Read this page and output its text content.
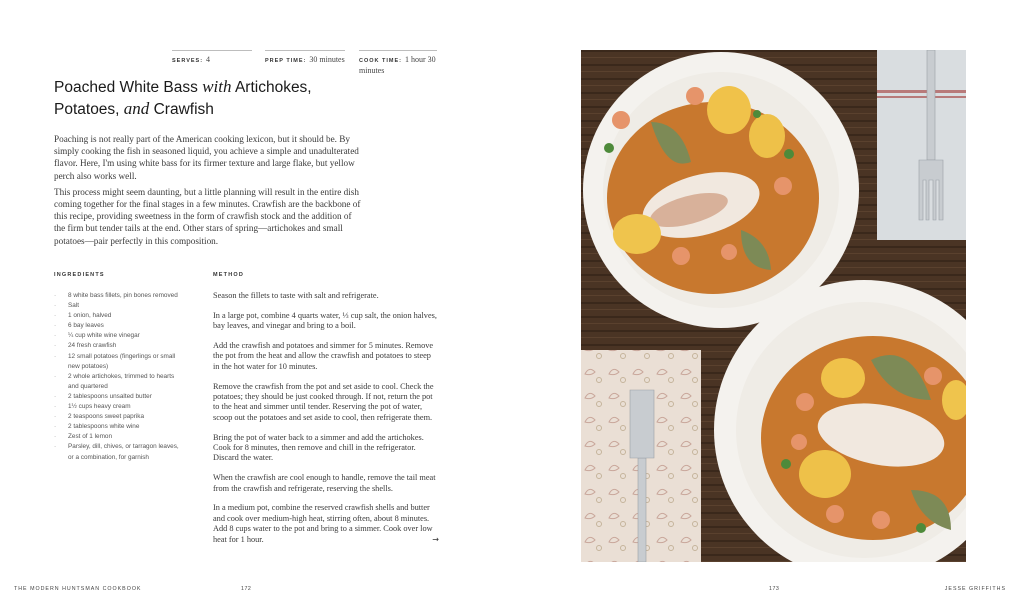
SERVES: 4	PREP TIME: 30 minutes	COOK TIME: 1 hour 30 minutes
Poached White Bass with Artichokes, Potatoes, and Crawfish

Poaching is not really part of the American cooking lexicon, but it should be. By simply cooking the fish in seasoned liquid, you achieve a simple and unadulterated flavor. Here, I'm using white bass for its firmer texture and large flake, but yellow perch also works well.

This process might seem daunting, but a little planning will result in the entire dish coming together for the final stages in a few minutes. Crawfish are the backbone of this recipe, providing sweetness in the form of crawfish stock and the addition of the firm but tender tails at the end. Other stars of spring—artichokes and small potatoes—pair perfectly in this composition.

INGREDIENTS	METHOD
· 8 white bass fillets, pin bones removed
· Salt
· 1 onion, halved
· 6 bay leaves
· ¼ cup white wine vinegar
· 24 fresh crawfish
· 12 small potatoes (fingerlings or small new potatoes)
· 2 whole artichokes, trimmed to hearts and quartered
· 2 tablespoons unsalted butter
· 1½ cups heavy cream
· 2 teaspoons sweet paprika
· 2 tablespoons white wine
· Zest of 1 lemon
· Parsley, dill, chives, or tarragon leaves, or a combination, for garnish

Season the fillets to taste with salt and refrigerate.

In a large pot, combine 4 quarts water, ⅓ cup salt, the onion halves, bay leaves, and vinegar and bring to a boil.

Add the crawfish and potatoes and simmer for 5 minutes. Remove the pot from the heat and allow the crawfish and potatoes to steep in the hot water for 10 minutes.

Remove the crawfish from the pot and set aside to cool. Check the potatoes; they should be just cooked through. If not, return the pot to the heat and simmer until tender. Reserving the pot of water, scoop out the potatoes and set aside to cool, then refrigerate them.

Bring the pot of water back to a simmer and add the artichokes. Cook for 8 minutes, then remove and chill in the refrigerator. Discard the water.

When the crawfish are cool enough to handle, remove the tail meat from the crawfish and refrigerate, reserving the shells.

In a medium pot, combine the reserved crawfish shells and butter and cook over medium-high heat, stirring often, about 8 minutes. Add 8 cups water to the pot and bring to a simmer. Cook over low heat for 1 hour.	→

THE MODERN HUNTSMAN COOKBOOK	172	173	JESSE GRIFFITHS
